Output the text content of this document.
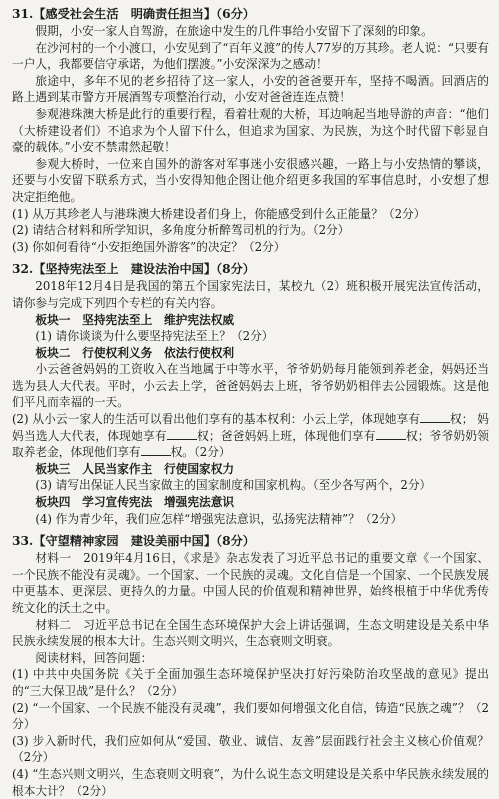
31.【感受社会生活　明确责任担当】（6分）

假期，小安一家人自驾游，在旅途中发生的几件事给小安留下了深刻的印象。

在沙河村的一个小渡口，小安见到了“百年义渡”的传人77岁的万其珍。老人说：“只要有一户人，我都要信守承诺，为他们摆渡。”小安深深为之感动！

旅途中，多年不见的老乡招待了这一家人，小安的爸爸要开车，坚持不喝酒。回酒店的路上遇到某市警方开展酒驾专项整治行动，小安对爸爸连连点赞！

参观港珠澳大桥是此行的重要行程，看着壮观的大桥，耳边响起当地导游的声音：“他们（大桥建设者们）不追求为个人留下什么，但追求为国家、为民族，为这个时代留下彰显自豪的载体。”小安不禁肃然起敬！

参观大桥时，一位来自国外的游客对军事迷小安很感兴趣，一路上与小安热情的攀谈，还要与小安留下联系方式，当小安得知他企图让他介绍更多我国的军事信息时，小安想了想决定拒绝他。

(1) 从万其珍老人与港珠澳大桥建设者们身上，你能感受到什么正能量？（2分）

(2) 请结合材料和所学知识，多角度分析醉驾司机的行为。（2分）

(3) 你如何看待“小安拒绝国外游客”的决定？（2分）

32.【坚持宪法至上　建设法治中国】（8分）

2018年12月4日是我国的第五个国家宪法日，某校九（2）班积极开展宪法宣传活动，请你参与完成下列四个专栏的有关内容。

板块一　坚持宪法至上　维护宪法权威

(1) 请你谈谈为什么要坚持宪法至上？（2分）

板块二　行使权利义务　依法行使权利

小云爸爸妈妈的工资收入在当地属于中等水平，爷爷奶奶每月能领到养老金，妈妈还当选为县人大代表。平时，小云去上学，爸爸妈妈去上班，爷爷奶奶相伴去公园锻炼。这是他们平凡而幸福的一天。

(2) 从小云一家人的生活可以看出他们享有的基本权利：小云上学，体现她享有	权； 妈妈当选人大代表，体现她享有	权；爸爸妈妈上班，体现他们享有	权；爷爷奶奶领取养老金，体现他们享有	权。（2分）

板块三　人民当家作主　行使国家权力

(3) 请写出保证人民当家做主的国家制度和国家机构。（至少各写两个，2分）

板块四　学习宣传宪法　增强宪法意识

(4) 作为青少年，我们应怎样“增强宪法意识，弘扬宪法精神”？（2分）

33.【守望精神家园　建设美丽中国】（8分）

材料一　2019年4月16日，《求是》杂志发表了习近平总书记的重要文章《一个国家、一个民族不能没有灵魂》。一个国家、一个民族的灵魂。文化自信是一个国家、一个民族发展中更基本、更深层、更持久的力量。中国人民的价值观和精神世界，始终根植于中华优秀传统文化的沃土之中。

材料二　习近平总书记在全国生态环境保护大会上讲话强调，生态文明建设是关系中华民族永续发展的根本大计。生态兴则文明兴，生态衰则文明衰。

阅读材料，回答问题：

(1) 中共中央国务院《关于全面加强生态环境保护坚决打好污染防治攻坚战的意见》提出的“三大保卫战”是什么？（2分）

(2) “一个国家、一个民族不能没有灵魂”，我们要如何增强文化自信，铸造“民族之魂”？（2分）

(3) 步入新时代，我们应如何从“爱国、敬业、诚信、友善”层面践行社会主义核心价值观？（2分）

(4) “生态兴则文明兴，生态衰则文明衰”，为什么说生态文明建设是关系中华民族永续发展的根本大计？（2分）
